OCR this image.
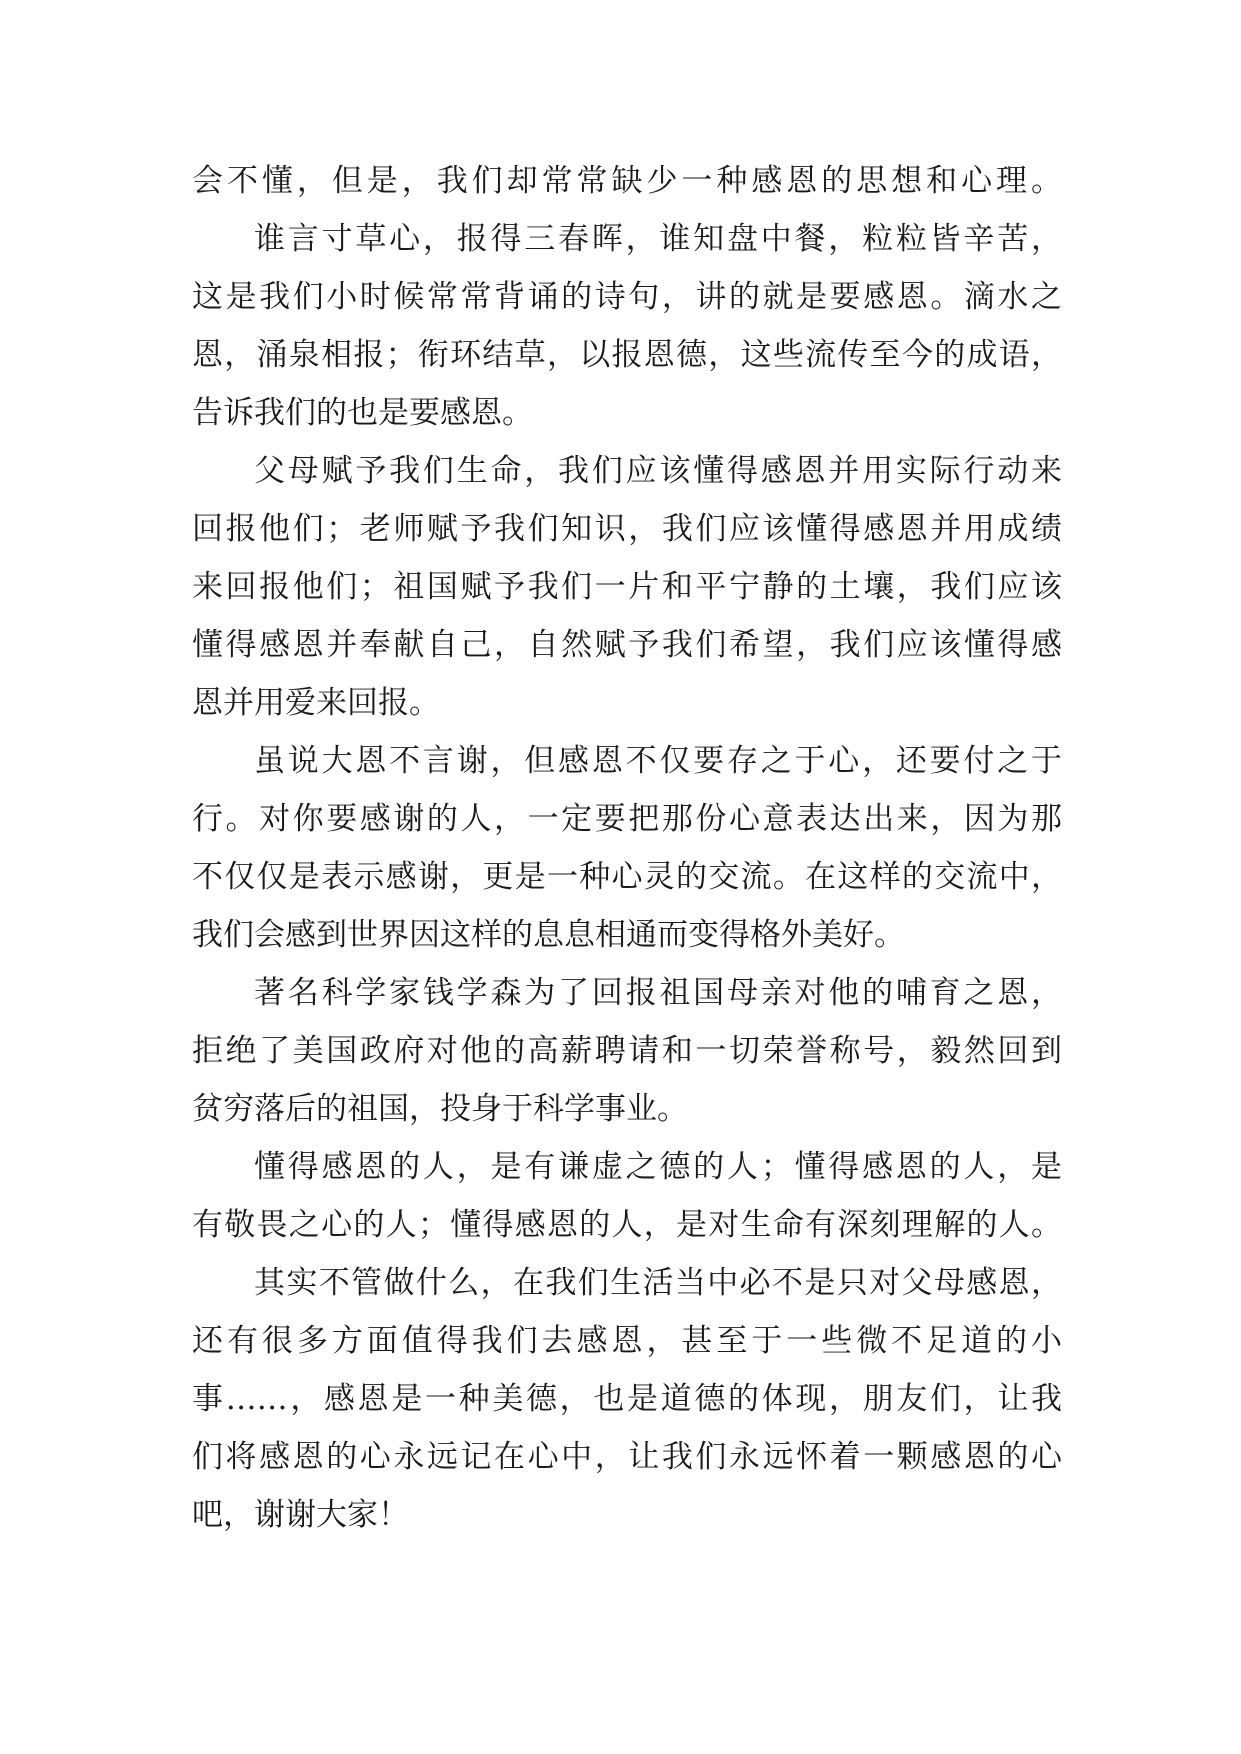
会不懂，但是，我们却常常缺少一种感恩的思想和心理。
谁言寸草心，报得三春晖，谁知盘中餐，粒粒皆辛苦，
这是我们小时候常常背诵的诗句，讲的就是要感恩。滴水之
恩，涌泉相报；衔环结草，以报恩德，这些流传至今的成语，
告诉我们的也是要感恩。
父母赋予我们生命，我们应该懂得感恩并用实际行动来
回报他们；老师赋予我们知识，我们应该懂得感恩并用成绩
来回报他们；祖国赋予我们一片和平宁静的土壤，我们应该
懂得感恩并奉献自己，自然赋予我们希望，我们应该懂得感
恩并用爱来回报。
虽说大恩不言谢，但感恩不仅要存之于心，还要付之于
行。对你要感谢的人，一定要把那份心意表达出来，因为那
不仅仅是表示感谢，更是一种心灵的交流。在这样的交流中，
我们会感到世界因这样的息息相通而变得格外美好。
著名科学家钱学森为了回报祖国母亲对他的哺育之恩，
拒绝了美国政府对他的高薪聘请和一切荣誉称号，毅然回到
贫穷落后的祖国，投身于科学事业。
懂得感恩的人，是有谦虚之德的人；懂得感恩的人，是
有敬畏之心的人；懂得感恩的人，是对生命有深刻理解的人。
其实不管做什么，在我们生活当中必不是只对父母感恩，
还有很多方面值得我们去感恩，甚至于一些微不足道的小
事……，感恩是一种美德，也是道德的体现，朋友们，让我
们将感恩的心永远记在心中，让我们永远怀着一颗感恩的心
吧，谢谢大家！
